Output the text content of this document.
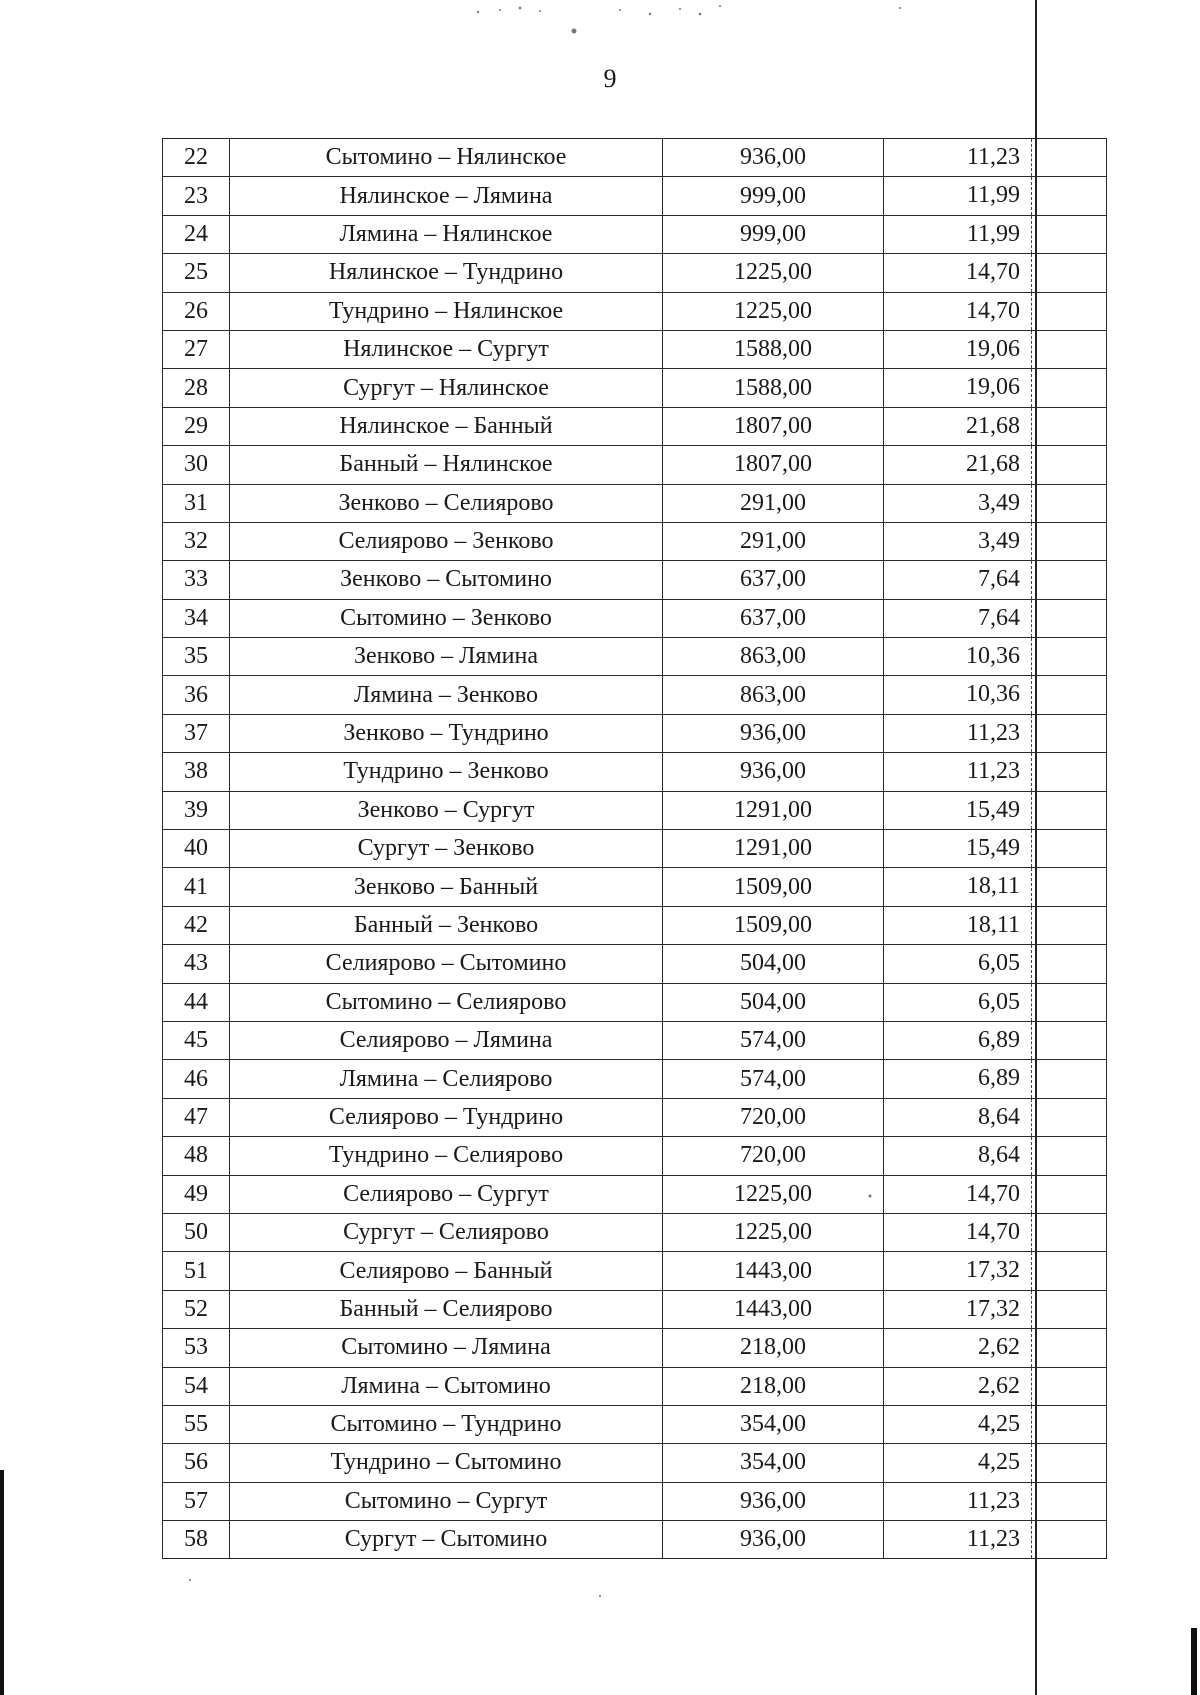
9
22	Сытомино – Нялинское	936,00	11,23

23	Нялинское – Лямина	999,00	11,99

24	Лямина – Нялинское	999,00	11,99

25	Нялинское – Тундрино	1225,00	14,70

26	Тундрино – Нялинское	1225,00	14,70

27	Нялинское – Сургут	1588,00	19,06

28	Сургут – Нялинское	1588,00	19,06

29	Нялинское – Банный	1807,00	21,68

30	Банный – Нялинское	1807,00	21,68

31	Зенково – Селиярово	291,00	3,49

32	Селиярово – Зенково	291,00	3,49

33	Зенково – Сытомино	637,00	7,64

34	Сытомино – Зенково	637,00	7,64

35	Зенково – Лямина	863,00	10,36

36	Лямина – Зенково	863,00	10,36

37	Зенково – Тундрино	936,00	11,23

38	Тундрино – Зенково	936,00	11,23

39	Зенково – Сургут	1291,00	15,49

40	Сургут – Зенково	1291,00	15,49

41	Зенково – Банный	1509,00	18,11

42	Банный – Зенково	1509,00	18,11

43	Селиярово – Сытомино	504,00	6,05

44	Сытомино – Селиярово	504,00	6,05

45	Селиярово – Лямина	574,00	6,89

46	Лямина – Селиярово	574,00	6,89

47	Селиярово – Тундрино	720,00	8,64

48	Тундрино – Селиярово	720,00	8,64

49	Селиярово – Сургут	1225,00	14,70

50	Сургут – Селиярово	1225,00	14,70

51	Селиярово – Банный	1443,00	17,32

52	Банный – Селиярово	1443,00	17,32

53	Сытомино – Лямина	218,00	2,62

54	Лямина – Сытомино	218,00	2,62

55	Сытомино – Тундрино	354,00	4,25

56	Тундрино – Сытомино	354,00	4,25

57	Сытомино – Сургут	936,00	11,23

58	Сургут – Сытомино	936,00	11,23
